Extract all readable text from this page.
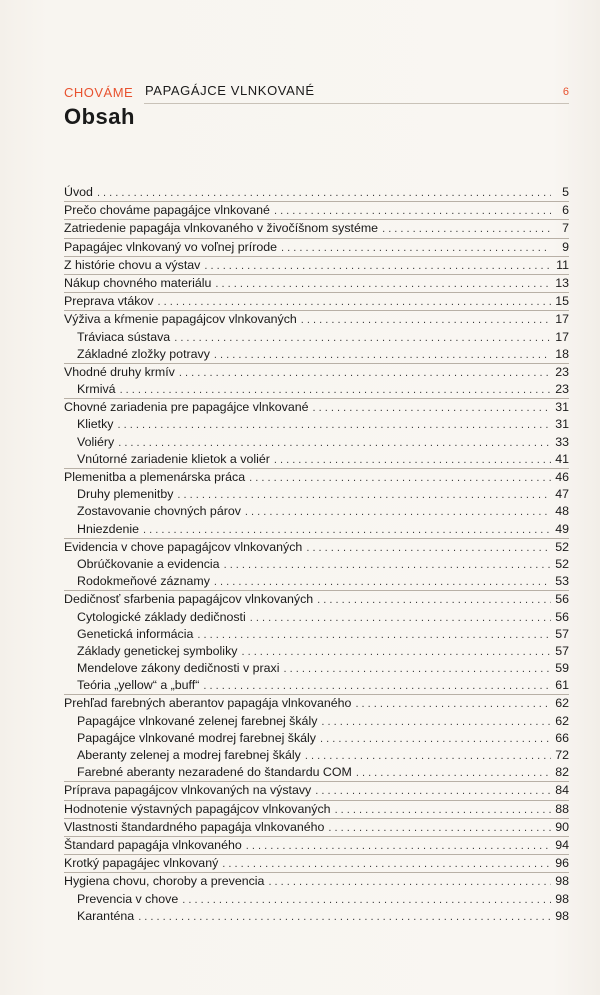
CHOVÁME PAPAGÁJCE VLNKOVANÉ	6
Obsah
Úvod . . .	5
Prečo chováme papagájce vlnkované . . .	6
Zatriedenie papagája vlnkovaného v živočíšnom systéme . . .	7
Papagájec vlnkovaný vo voľnej prírode . . .	9
Z histórie chovu a výstav . . .	11
Nákup chovného materiálu . . .	13
Preprava vtákov . . .	15
Výživa a kŕmenie papagájcov vlnkovaných . . .	17
Tráviaca sústava . . .	17
Základné zložky potravy . . .	18
Vhodné druhy krmív . . .	23
Krmivá . . .	23
Chovné zariadenia pre papagájce vlnkované . . .	31
Klietky . . .	31
Voliéry . . .	33
Vnútorné zariadenie klietok a voliér . . .	41
Plemenitba a plemenárska práca . . .	46
Druhy plemenitby . . .	47
Zostavovanie chovných párov . . .	48
Hniezdenie . . .	49
Evidencia v chove papagájcov vlnkovaných . . .	52
Obrúčkovanie a evidencia . . .	52
Rodokmeňové záznamy . . .	53
Dedičnosť sfarbenia papagájcov vlnkovaných . . .	56
Cytologické základy dedičnosti . . .	56
Genetická informácia . . .	57
Základy genetickej symboliky . . .	57
Mendelove zákony dedičnosti v praxi . . .	59
Teória „yellow“ a „buff“ . . .	61
Prehľad farebných aberantov papagája vlnkovaného . . .	62
Papagájce vlnkované zelenej farebnej škály . . .	62
Papagájce vlnkované modrej farebnej škály . . .	66
Aberanty zelenej a modrej farebnej škály . . .	72
Farebné aberanty nezaradené do štandardu COM . . .	82
Príprava papagájcov vlnkovaných na výstavy . . .	84
Hodnotenie výstavných papagájcov vlnkovaných . . .	88
Vlastnosti štandardného papagája vlnkovaného . . .	90
Štandard papagája vlnkovaného . . .	94
Krotký papagájec vlnkovaný . . .	96
Hygiena chovu, choroby a prevencia . . .	98
Prevencia v chove . . .	98
Karanténa . . .	98
